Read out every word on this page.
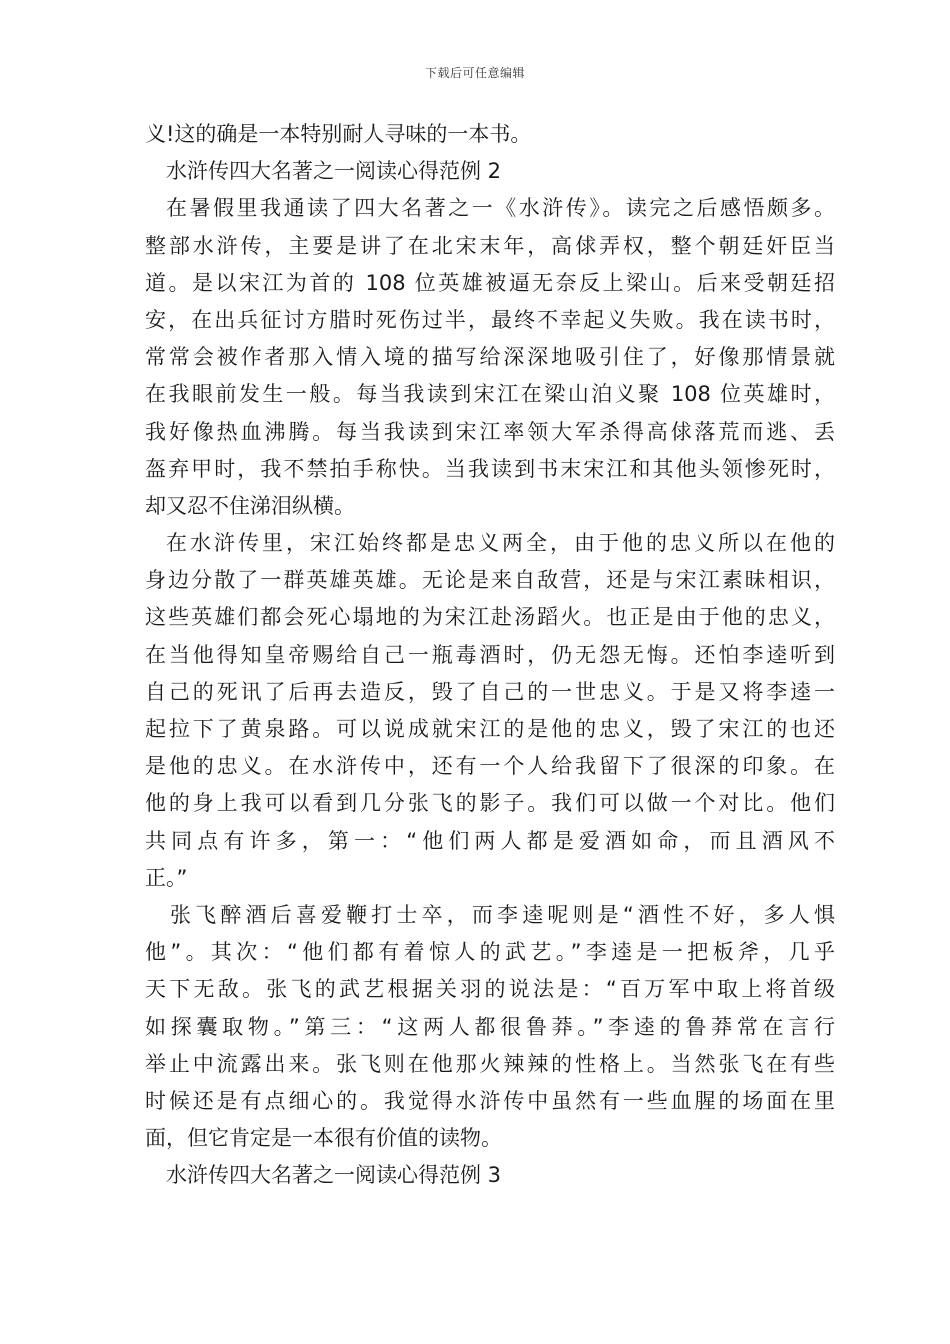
下载后可任意编辑
义!这的确是一本特别耐人寻味的一本书。
水浒传四大名著之一阅读心得范例 2
在暑假里我通读了四大名著之一《水浒传》。读完之后感悟颇多。
整部水浒传，主要是讲了在北宋末年，高俅弄权，整个朝廷奸臣当
道。是以宋江为首的 108 位英雄被逼无奈反上梁山。后来受朝廷招
安，在出兵征讨方腊时死伤过半，最终不幸起义失败。我在读书时，
常常会被作者那入情入境的描写给深深地吸引住了，好像那情景就
在我眼前发生一般。每当我读到宋江在梁山泊义聚 108 位英雄时，
我好像热血沸腾。每当我读到宋江率领大军杀得高俅落荒而逃、丢
盔弃甲时，我不禁拍手称快。当我读到书末宋江和其他头领惨死时，
却又忍不住涕泪纵横。
在水浒传里，宋江始终都是忠义两全，由于他的忠义所以在他的
身边分散了一群英雄英雄。无论是来自敌营，还是与宋江素昧相识，
这些英雄们都会死心塌地的为宋江赴汤蹈火。也正是由于他的忠义，
在当他得知皇帝赐给自己一瓶毒酒时，仍无怨无悔。还怕李逵听到
自己的死讯了后再去造反，毁了自己的一世忠义。于是又将李逵一
起拉下了黄泉路。可以说成就宋江的是他的忠义，毁了宋江的也还
是他的忠义。在水浒传中，还有一个人给我留下了很深的印象。在
他的身上我可以看到几分张飞的影子。我们可以做一个对比。他们
共同点有许多，第一：“他们两人都是爱酒如命，而且酒风不
正。”
张飞醉酒后喜爱鞭打士卒，而李逵呢则是“酒性不好，多人惧
他”。其次：“他们都有着惊人的武艺。”李逵是一把板斧，几乎
天下无敌。张飞的武艺根据关羽的说法是：“百万军中取上将首级
如探囊取物。”第三：“这两人都很鲁莽。”李逵的鲁莽常在言行
举止中流露出来。张飞则在他那火辣辣的性格上。当然张飞在有些
时候还是有点细心的。我觉得水浒传中虽然有一些血腥的场面在里
面，但它肯定是一本很有价值的读物。
水浒传四大名著之一阅读心得范例 3
